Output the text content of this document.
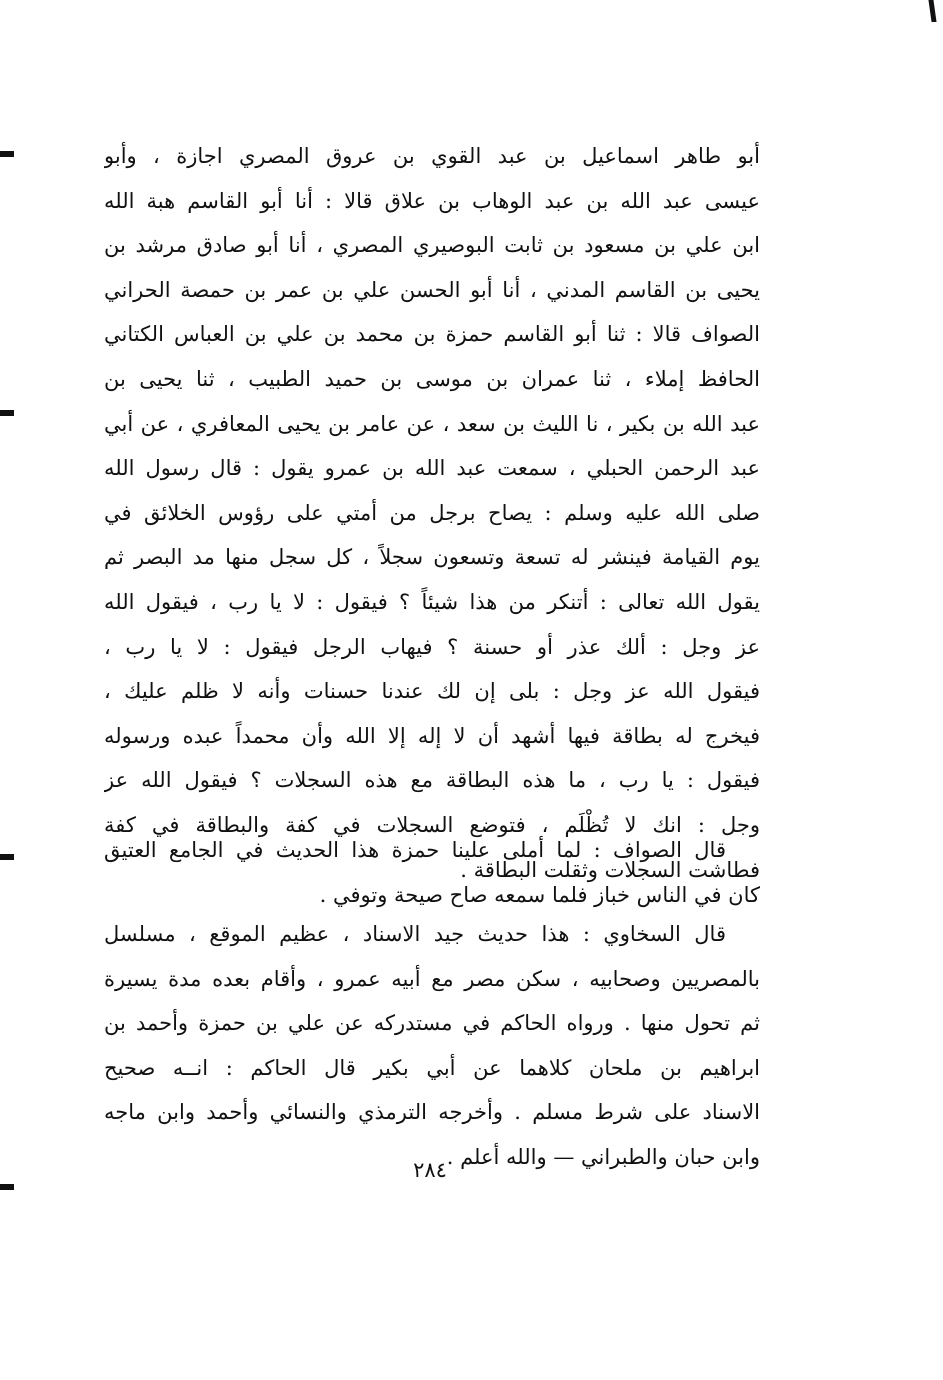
أبو طاهر اسماعيل بن عبد القوي بن عروق المصري اجازة ، وأبو
عيسى عبد الله بن عبد الوهاب بن علاق قالا : أنا أبو القاسم هبة الله
ابن علي بن مسعود بن ثابت البوصيري المصري ، أنا أبو صادق مرشد بن
يحيى بن القاسم المدني ، أنا أبو الحسن علي بن عمر بن حمصة الحراني
الصواف قالا : ثنا أبو القاسم حمزة بن محمد بن علي بن العباس الكتاني
الحافظ إملاء ، ثنا عمران بن موسى بن حميد الطبيب ، ثنا يحيى بن
عبد الله بن بكير ، نا الليث بن سعد ، عن عامر بن يحيى المعافري ، عن أبي
عبد الرحمن الحبلي ، سمعت عبد الله بن عمرو يقول : قال رسول الله
صلى الله عليه وسلم : يصاح برجل من أمتي على رؤوس الخلائق في
يوم القيامة فينشر له تسعة وتسعون سجلاً ، كل سجل منها مد البصر ثم
يقول الله تعالى : أتنكر من هذا شيئاً ؟ فيقول : لا يا رب ، فيقول الله
عز وجل : ألك عذر أو حسنة ؟ فيهاب الرجل فيقول : لا يا رب ،
فيقول الله عز وجل : بلى إن لك عندنا حسنات وأنه لا ظلم عليك ،
فيخرج له بطاقة فيها أشهد أن لا إله إلا الله وأن محمداً عبده ورسوله
فيقول : يا رب ، ما هذه البطاقة مع هذه السجلات ؟ فيقول الله عز
وجل : انك لا تُظْلَم ، فتوضع السجلات في كفة والبطاقة في كفة
فطاشت السجلات وثقلت البطاقة .
قال الصواف : لما أملى علينا حمزة هذا الحديث في الجامع العتيق
كان في الناس خباز فلما سمعه صاح صيحة وتوفي .
قال السخاوي : هذا حديث جيد الاسناد ، عظيم الموقع ، مسلسل
بالمصريين وصحابيه ، سكن مصر مع أبيه عمرو ، وأقام بعده مدة يسيرة
ثم تحول منها . ورواه الحاكم في مستدركه عن علي بن حمزة وأحمد بن
ابراهيم بن ملحان كلاهما عن أبي بكير قال الحاكم : انــه صحيح
الاسناد على شرط مسلم . وأخرجه الترمذي والنسائي وأحمد وابن ماجه
وابن حبان والطبراني — والله أعلم .
٢٨٤
